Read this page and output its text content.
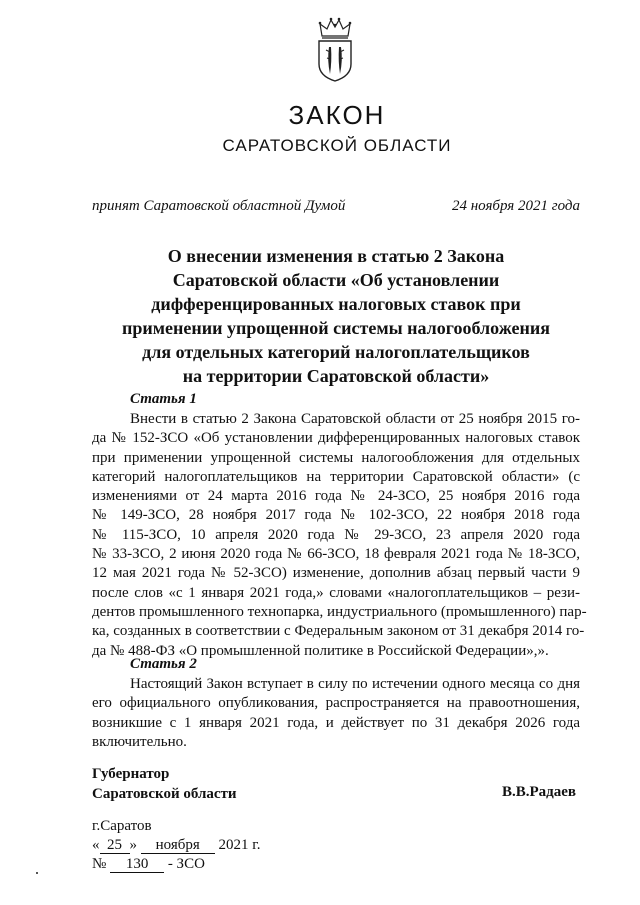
ЗАКОН
САРАТОВСКОЙ ОБЛАСТИ
принят Саратовской областной Думой	24 ноября 2021 года
О внесении изменения в статью 2 Закона
Саратовской области «Об установлении
дифференцированных налоговых ставок при
применении упрощенной системы налогообложения
для отдельных категорий налогоплательщиков
на территории Саратовской области»
Статья 1
Внести в статью 2 Закона Саратовской области от 25 ноября 2015 го-
да № 152-ЗСО «Об установлении дифференцированных налоговых ставок
при применении упрощенной системы налогообложения для отдельных
категорий налогоплательщиков на территории Саратовской области» (с
изменениями от 24 марта 2016 года № 24-ЗСО, 25 ноября 2016 года
№ 149-ЗСО, 28 ноября 2017 года № 102-ЗСО, 22 ноября 2018 года
№ 115-ЗСО, 10 апреля 2020 года № 29-ЗСО, 23 апреля 2020 года
№ 33-ЗСО, 2 июня 2020 года № 66-ЗСО, 18 февраля 2021 года № 18-ЗСО,
12 мая 2021 года № 52-ЗСО) изменение, дополнив абзац первый части 9
после слов «с 1 января 2021 года,» словами «налогоплательщиков – рези-
дентов промышленного технопарка, индустриального (промышленного) пар-
ка, созданных в соответствии с Федеральным законом от 31 декабря 2014 го-
да № 488-ФЗ «О промышленной политике в Российской Федерации»,».
Статья 2
Настоящий Закон вступает в силу по истечении одного месяца со дня
его официального опубликования, распространяется на правоотношения,
возникшие с 1 января 2021 года, и действует по 31 декабря 2026 года
включительно.
Губернатор
Саратовской области	В.В.Радаев
г.Саратов
« 25 » ноября 2021 г.
№ 130 - ЗСО
